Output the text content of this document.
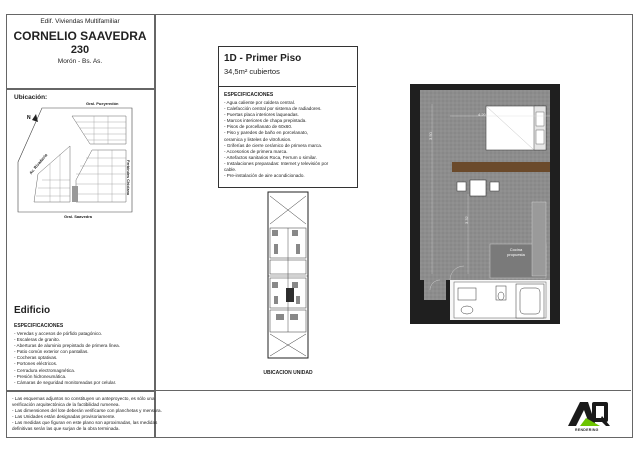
Edif. Viviendas Multifamiliar
CORNELIO SAAVEDRA
230
Morón - Bs. As.
Ubicación:
N
Gral. Pueyrredón
Ferbindes Chiclana
Av. Rivadavia
Gral. Saavedra
Edificio
ESPECIFICACIONES
- Veredas y accesos de pórfido patagónico.
- Escaleras de granito.
- Aberturas de aluminio prepintado de primera línea.
- Patio común exterior con pantallas.
- Cocheras optativas.
- Portones eléctricos.
- Cerradura electromagnética.
- Presión hidroneumática.
- Cámaras de seguridad monitoreadas por celular.
- Las esquemas adjuntos no constituyen un anteproyecto, es sólo una
verificación arquitectónica de la factibilidad rumenea.
- Las dimensiones del lote deberán verificarse con planchetas y mensura.
- Las Unidades están designadas provisoriamente.
- Las medidas que figuran en este plano son aproximadas, las medidas
definitivas serán las que surjan de la obra terminada.
1D - Primer Piso
34,5m² cubiertos
ESPECIFICACIONES
- Agua caliente por caldera central.
- Calefacción central por sistema de radiadores.
- Puertas placa interiores laqueadas.
- Marcos interiores de chapa prepintada.
- Pisos de porcellanato de 60x60.
- Piso y paredes de baño en porcelanato,
ceramica y listeles de vitrofusion.
- Griferías de cierre cerámico de primera marca.
- Accesorios de primera marca.
- Artefactos sanitarios Roca, Ferrum o similar.
- Instalaciones preparadas: Internet y televisión por
cable.
- Pre-instalación de aire acondicionado.
UBICACION UNIDAD
4.20
3.50
3.32
Cocina
propuesta
RENDERING
